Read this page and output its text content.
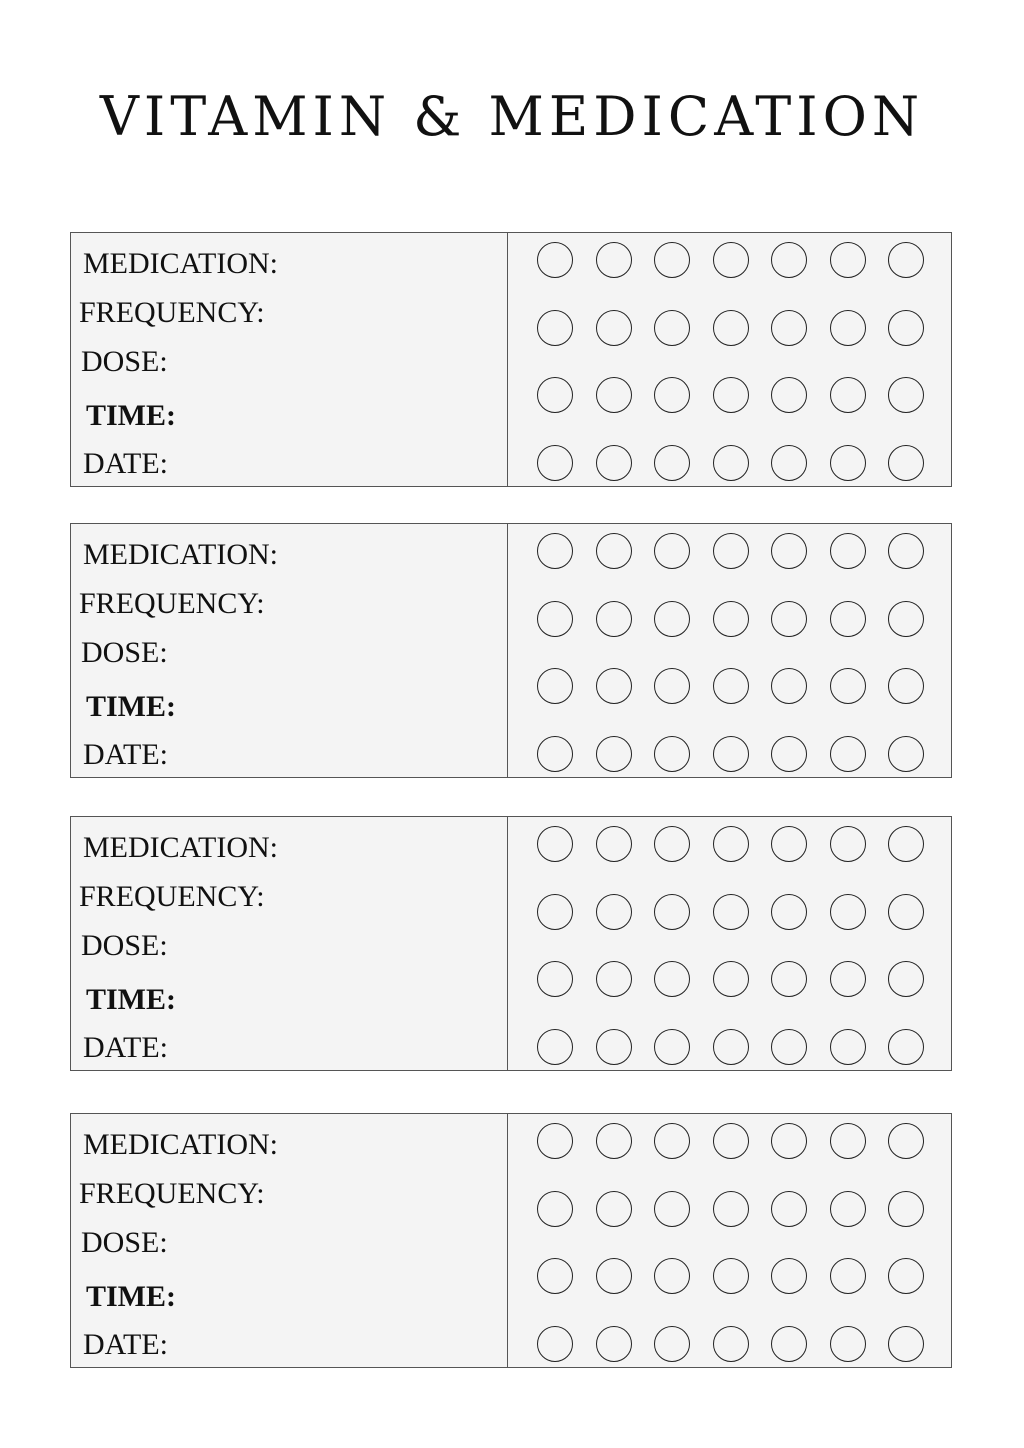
VITAMIN & MEDICATION
MEDICATION:
FREQUENCY:
DOSE:
TIME:
DATE:
MEDICATION:
FREQUENCY:
DOSE:
TIME:
DATE:
MEDICATION:
FREQUENCY:
DOSE:
TIME:
DATE:
MEDICATION:
FREQUENCY:
DOSE:
TIME:
DATE:
